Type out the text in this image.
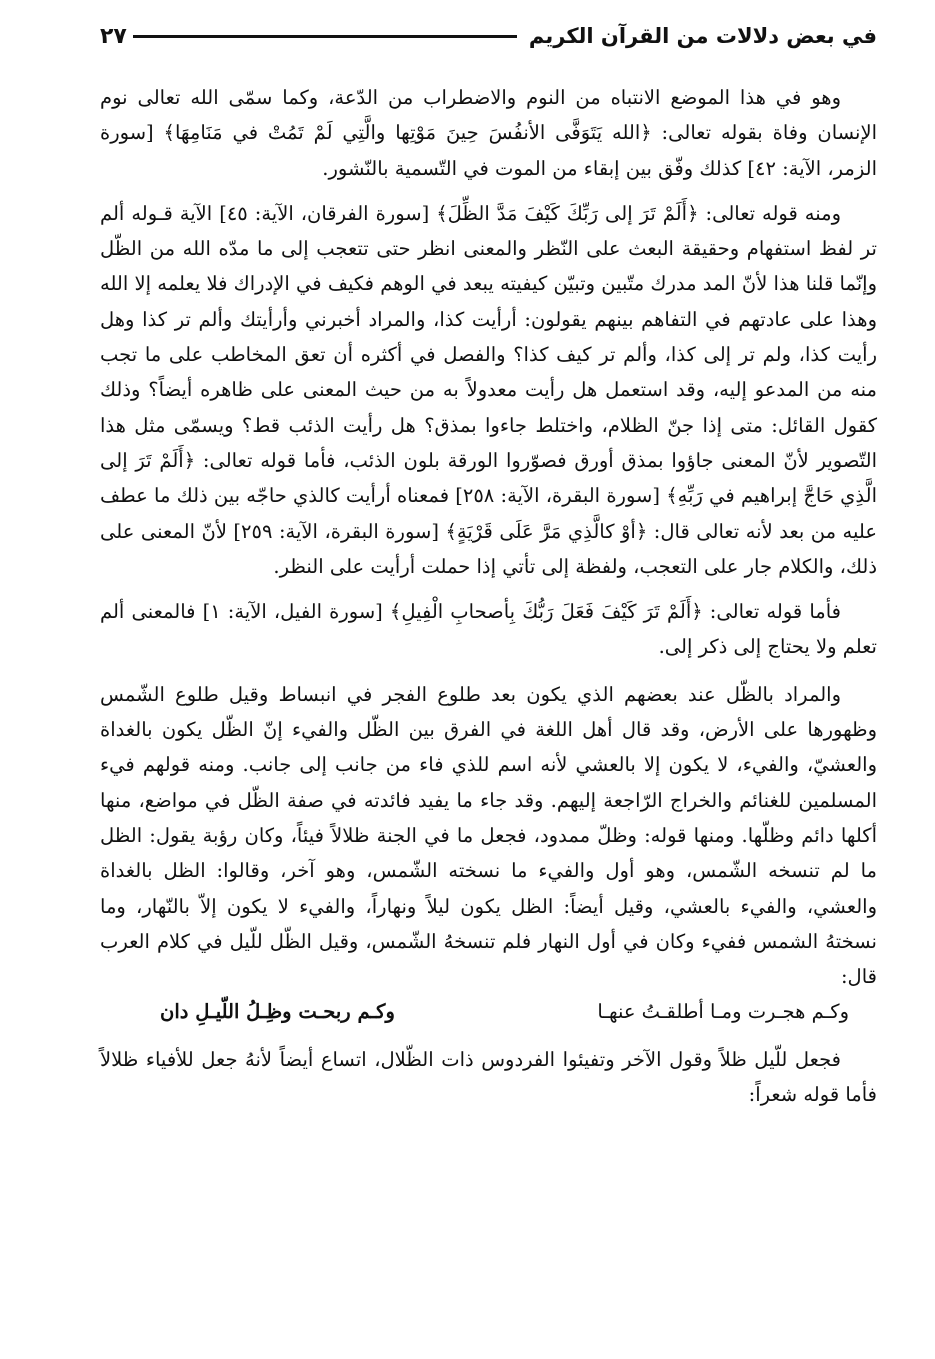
في بعض دلالات من القرآن الكريم
٢٧

وهو في هذا الموضع الانتباه من النوم والاضطراب من الدّعة، وكما سمّى الله تعالى نوم الإنسان وفاة بقوله تعالى: ﴿الله يَتَوَفَّى الأنفُسَ حِينَ مَوْتِها والَّتِي لَمْ تَمُتْ في مَنَامِهَا﴾ [سورة الزمر، الآية: ٤٢] كذلك وفّق بين إبقاء من الموت في التّسمية بالنّشور.

ومنه قوله تعالى: ﴿أَلَمْ تَرَ إلى رَبِّكَ كَيْفَ مَدَّ الظِّلَ﴾ [سورة الفرقان، الآية: ٤٥] الآية قـوله ألم تر لفظ استفهام وحقيقة البعث على النّظر والمعنى انظر حتى تتعجب إلى ما مدّه الله من الظّل وإنّما قلنا هذا لأنّ المد مدرك متّبين وتبيّن كيفيته يبعد في الوهم فكيف في الإدراك فلا يعلمه إلا الله وهذا على عادتهم في التفاهم بينهم يقولون: أرأيت كذا، والمراد أخبرني وأرأيتك وألم تر كذا وهل رأيت كذا، ولم تر إلى كذا، وألم تر كيف كذا؟ والفصل في أكثره أن تعق المخاطب على ما تجب منه من المدعو إليه، وقد استعمل هل رأيت معدولاً به من حيث المعنى على ظاهره أيضاً؟ وذلك كقول القائل: متى إذا جنّ الظلام، واختلط جاءوا بمذق؟ هل رأيت الذئب قط؟ ويسمّى مثل هذا التّصوير لأنّ المعنى جاؤوا بمذق أورق فصوّروا الورقة بلون الذئب، فأما قوله تعالى: ﴿أَلَمْ تَرَ إلى الَّذِي حَاجَّ إبراهيم في رَبِّهِ﴾ [سورة البقرة، الآية: ٢٥٨] فمعناه أرأيت كالذي حاجّه بين ذلك ما عطف عليه من بعد لأنه تعالى قال: ﴿أوْ كالَّذِي مَرَّ عَلَى قَرْيَةٍ﴾ [سورة البقرة، الآية: ٢٥٩] لأنّ المعنى على ذلك، والكلام جار على التعجب، ولفظة إلى تأتي إذا حملت أرأيت على النظر.

فأما قوله تعالى: ﴿أَلَمْ تَرَ كَيْفَ فَعَلَ رَبُّكَ بِأصحابِ الْفِيلِ﴾ [سورة الفيل، الآية: ١] فالمعنى ألم تعلم ولا يحتاج إلى ذكر إلى.

والمراد بالظّل عند بعضهم الذي يكون بعد طلوع الفجر في انبساط وقيل طلوع الشّمس وظهورها على الأرض، وقد قال أهل اللغة في الفرق بين الظّل والفيء إنّ الظّل يكون بالغداة والعشيّ، والفيء، لا يكون إلا بالعشي لأنه اسم للذي فاء من جانب إلى جانب. ومنه قولهم فيء المسلمين للغنائم والخراج الرّاجعة إليهم. وقد جاء ما يفيد فائدته في صفة الظّل في مواضع، منها أكلها دائم وظلّها. ومنها قوله: وظلّ ممدود، فجعل ما في الجنة ظلالاً فيئاً، وكان رؤبة يقول: الظل ما لم تنسخه الشّمس، وهو أول والفيء ما نسخته الشّمس، وهو آخر، وقالوا: الظل بالغداة والعشي، والفيء بالعشي، وقيل أيضاً: الظل يكون ليلاً ونهاراً، والفيء لا يكون إلاّ بالنّهار، وما نسختهُ الشمس ففيء وكان في أول النهار فلم تنسخهُ الشّمس، وقيل الظّل للّيل في كلام العرب قال:

وكـم هجـرت ومـا أطلقـتُ عنهـا
وكـم ربحـت وظِـلُ اللّيـلِ دان

فجعل للّيل ظلاً وقول الآخر وتفيئوا الفردوس ذات الظّلال، اتساع أيضاً لأنهُ جعل للأفياء ظلالاً فأما قوله شعراً:
